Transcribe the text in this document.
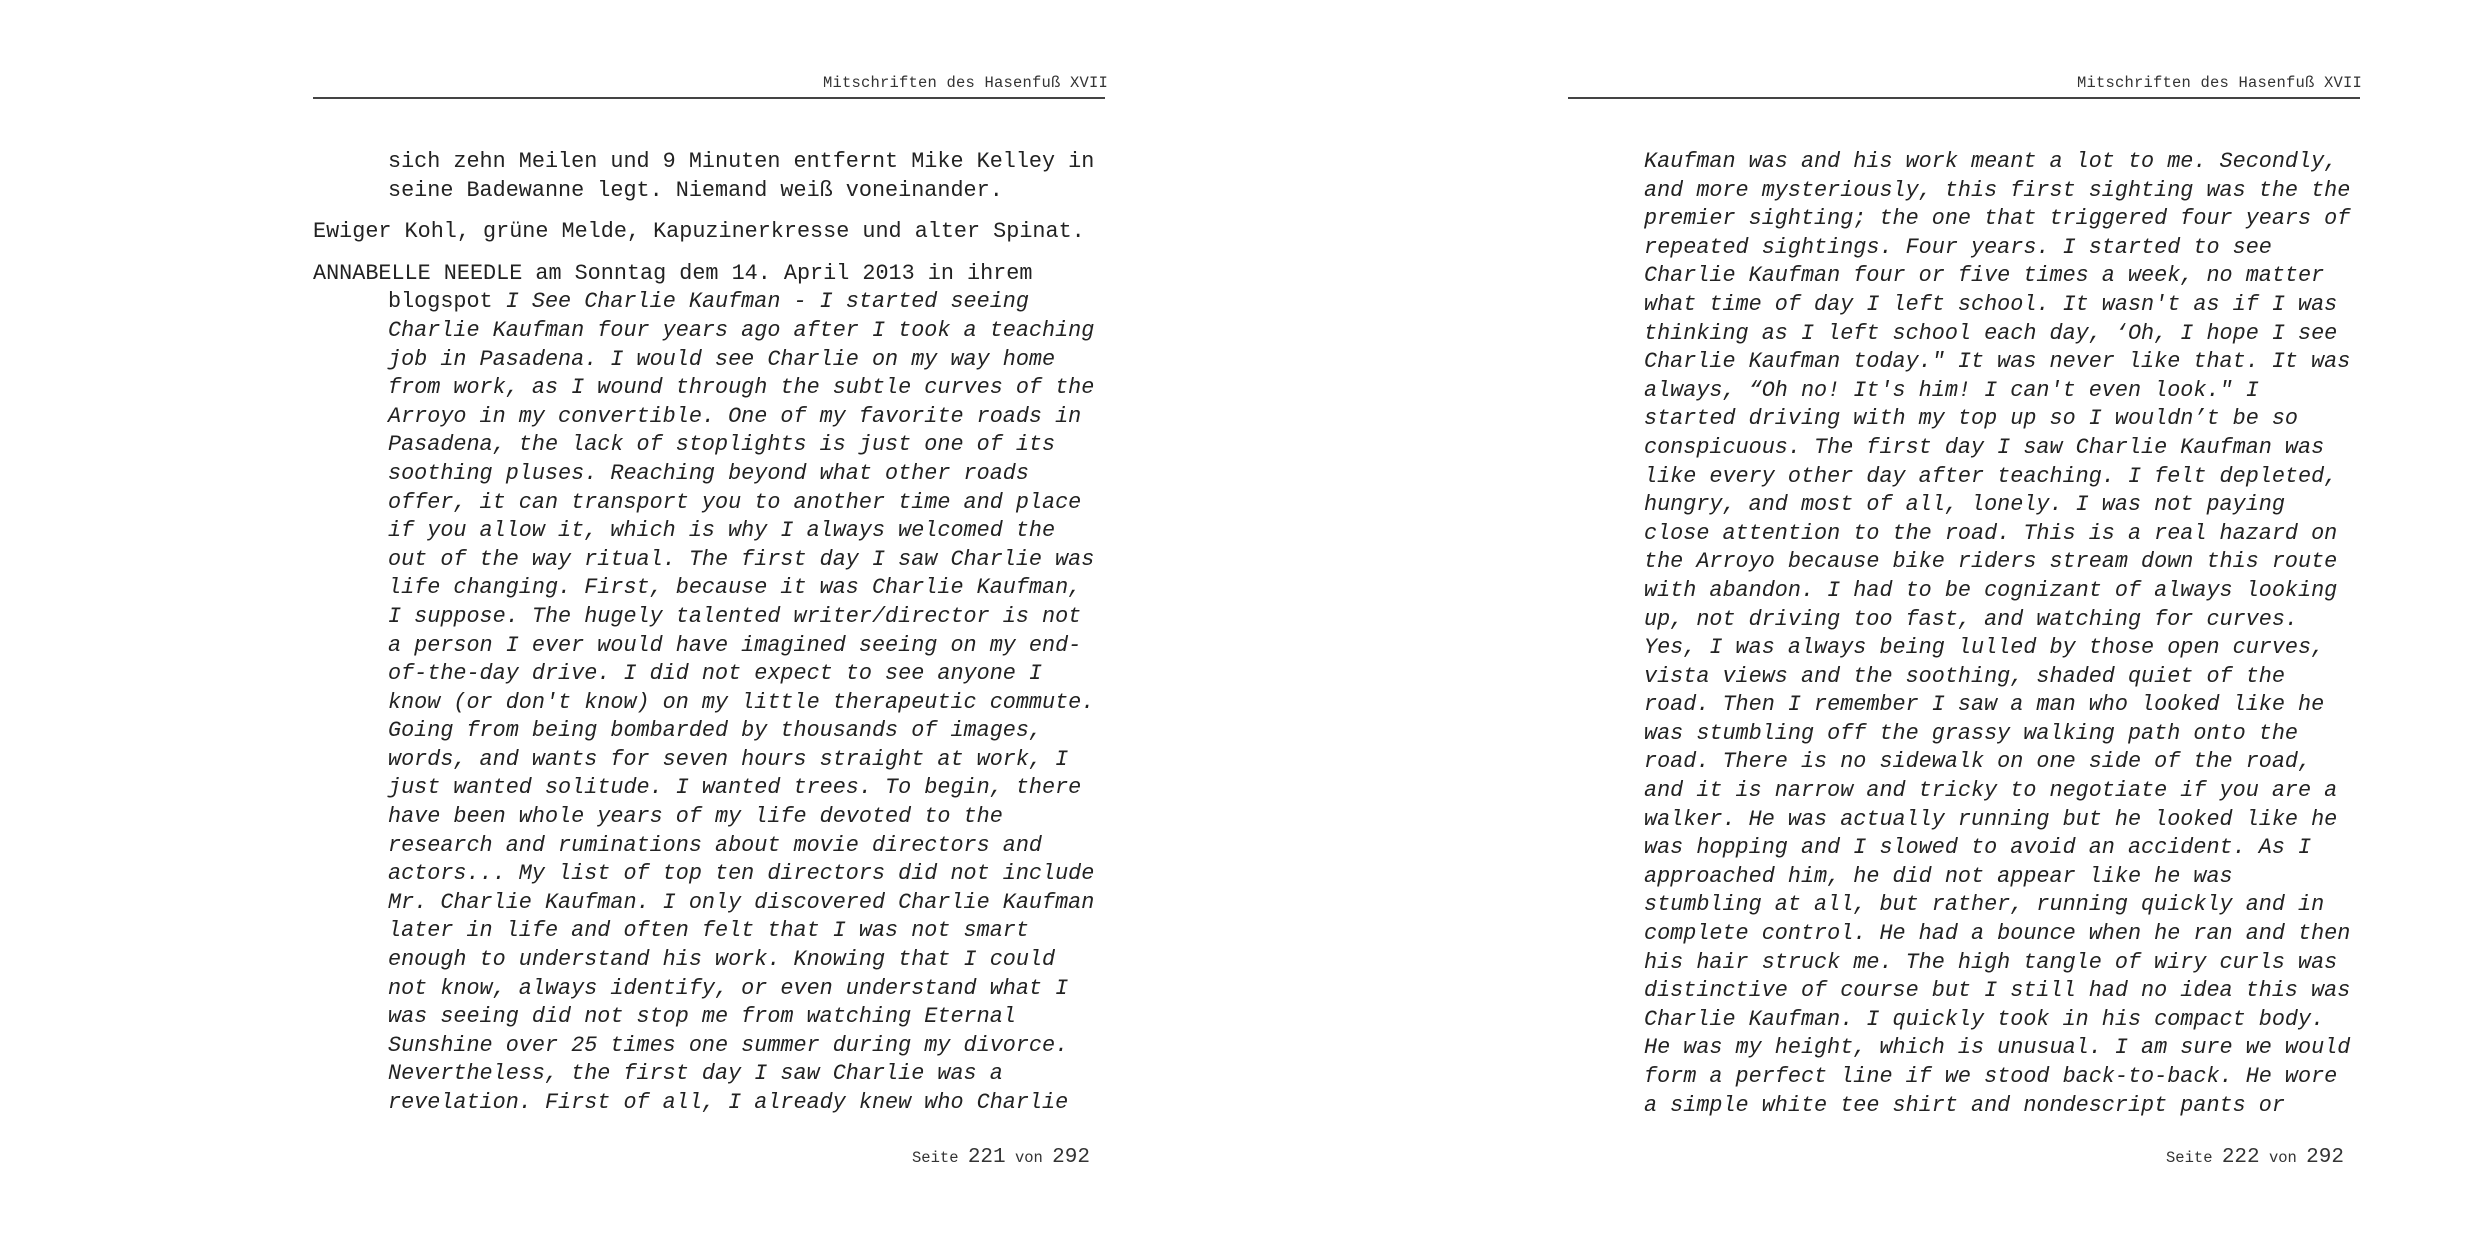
Mitschriften des Hasenfuß XVII
sich zehn Meilen und 9 Minuten entfernt Mike Kelley in
seine Badewanne legt. Niemand weiß voneinander.
Ewiger Kohl, grüne Melde, Kapuzinerkresse und alter Spinat.
ANNABELLE NEEDLE am Sonntag dem 14. April 2013 in ihrem
blogspot I See Charlie Kaufman - I started seeing
Charlie Kaufman four years ago after I took a teaching
job in Pasadena. I would see Charlie on my way home
from work, as I wound through the subtle curves of the
Arroyo in my convertible. One of my favorite roads in
Pasadena, the lack of stoplights is just one of its
soothing pluses. Reaching beyond what other roads
offer, it can transport you to another time and place
if you allow it, which is why I always welcomed the
out of the way ritual. The first day I saw Charlie was
life changing. First, because it was Charlie Kaufman,
I suppose. The hugely talented writer/director is not
a person I ever would have imagined seeing on my end-
of-the-day drive. I did not expect to see anyone I
know (or don't know) on my little therapeutic commute.
Going from being bombarded by thousands of images,
words, and wants for seven hours straight at work, I
just wanted solitude. I wanted trees. To begin, there
have been whole years of my life devoted to the
research and ruminations about movie directors and
actors... My list of top ten directors did not include
Mr. Charlie Kaufman. I only discovered Charlie Kaufman
later in life and often felt that I was not smart
enough to understand his work. Knowing that I could
not know, always identify, or even understand what I
was seeing did not stop me from watching Eternal
Sunshine over 25 times one summer during my divorce.
Nevertheless, the first day I saw Charlie was a
revelation. First of all, I already knew who Charlie
Seite 221 von 292
Mitschriften des Hasenfuß XVII
Kaufman was and his work meant a lot to me. Secondly,
and more mysteriously, this first sighting was the the
premier sighting; the one that triggered four years of
repeated sightings. Four years. I started to see
Charlie Kaufman four or five times a week, no matter
what time of day I left school. It wasn't as if I was
thinking as I left school each day, ‘Oh, I hope I see
Charlie Kaufman today." It was never like that. It was
always, “Oh no! It's him! I can't even look." I
started driving with my top up so I wouldn’t be so
conspicuous. The first day I saw Charlie Kaufman was
like every other day after teaching. I felt depleted,
hungry, and most of all, lonely. I was not paying
close attention to the road. This is a real hazard on
the Arroyo because bike riders stream down this route
with abandon. I had to be cognizant of always looking
up, not driving too fast, and watching for curves.
Yes, I was always being lulled by those open curves,
vista views and the soothing, shaded quiet of the
road. Then I remember I saw a man who looked like he
was stumbling off the grassy walking path onto the
road. There is no sidewalk on one side of the road,
and it is narrow and tricky to negotiate if you are a
walker. He was actually running but he looked like he
was hopping and I slowed to avoid an accident. As I
approached him, he did not appear like he was
stumbling at all, but rather, running quickly and in
complete control. He had a bounce when he ran and then
his hair struck me. The high tangle of wiry curls was
distinctive of course but I still had no idea this was
Charlie Kaufman. I quickly took in his compact body.
He was my height, which is unusual. I am sure we would
form a perfect line if we stood back-to-back. He wore
a simple white tee shirt and nondescript pants or
Seite 222 von 292
